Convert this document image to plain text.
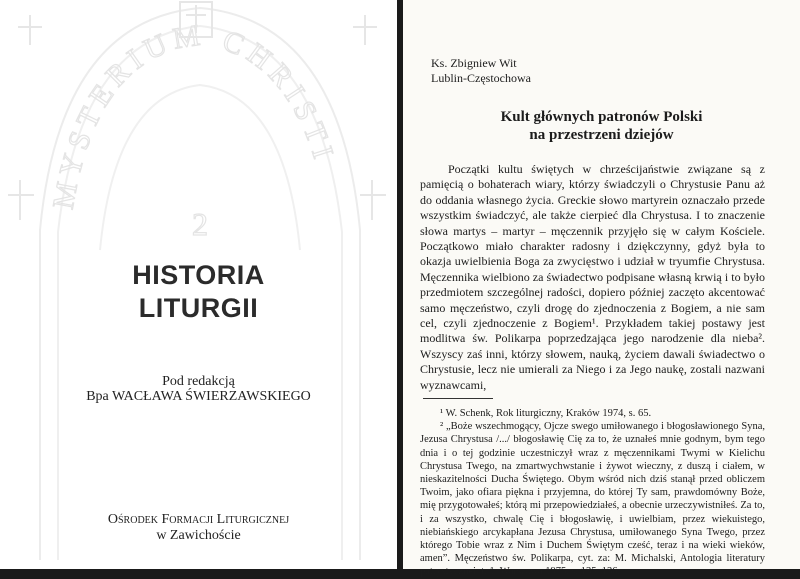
MYSTERIUM CHRISTI
2
HISTORIA
LITURGII
Pod redakcją
Bpa WACŁAWA ŚWIERZAWSKIEGO
Ośrodek Formacji Liturgicznej
w Zawichoście
Ks. Zbigniew Wit
Lublin-Częstochowa
Kult głównych patronów Polski
na przestrzeni dziejów

Początki kultu świętych w chrześcijaństwie związane są z pamięcią o bohaterach wiary, którzy świadczyli o Chrystusie Panu aż do oddania własnego życia. Greckie słowo martyrein oznaczało przede wszystkim świadczyć, ale także cierpieć dla Chrystusa. I to znaczenie słowa martys – martyr – męczennik przyjęło się w całym Kościele. Początkowo miało charakter radosny i dziękczynny, gdyż była to okazja uwielbienia Boga za zwycięstwo i udział w tryumfie Chrystusa. Męczennika wielbiono za świadectwo podpisane własną krwią i to było przedmiotem szczególnej radości, dopiero później zaczęto akcentować samo męczeństwo, czyli drogę do zjednoczenia z Bogiem, a nie sam cel, czyli zjednoczenie z Bogiem¹. Przykładem takiej postawy jest modlitwa św. Polikarpa poprzedzająca jego narodzenie dla nieba². Wszyscy zaś inni, którzy słowem, nauką, życiem dawali świadectwo o Chrystusie, lecz nie umierali za Niego i za Jego naukę, zostali nazwani wyznawcami,

¹ W. Schenk, Rok liturgiczny, Kraków 1974, s. 65.

² „Boże wszechmogący, Ojcze swego umiłowanego i błogosławionego Syna, Jezusa Chrystusa /.../ błogosławię Cię za to, że uznałeś mnie godnym, bym tego dnia i o tej godzinie uczestniczył wraz z męczennikami Twymi w Kielichu Chrystusa Twego, na zmartwychwstanie i żywot wieczny, z duszą i ciałem, w nieskazitelności Ducha Świętego. Obym wśród nich dziś stanął przed obliczem Twoim, jako ofiara piękna i przyjemna, do której Ty sam, prawdomówny Boże, mię przygotowałeś; którą mi przepowiedziałeś, a obecnie urzeczywistniłeś. Za to, i za wszystko, chwalę Cię i błogosławię, i uwielbiam, przez wiekuistego, niebiańskiego arcykapłana Jezusa Chrystusa, umiłowanego Syna Twego, przez którego Tobie wraz z Nim i Duchem Świętym cześć, teraz i na wieki wieków, amen”. Męczeństwo św. Polikarpa, cyt. za: M. Michalski, Antologia literatury patrystycznej, t. 1, Warszawa 1975, s. 135–136.
